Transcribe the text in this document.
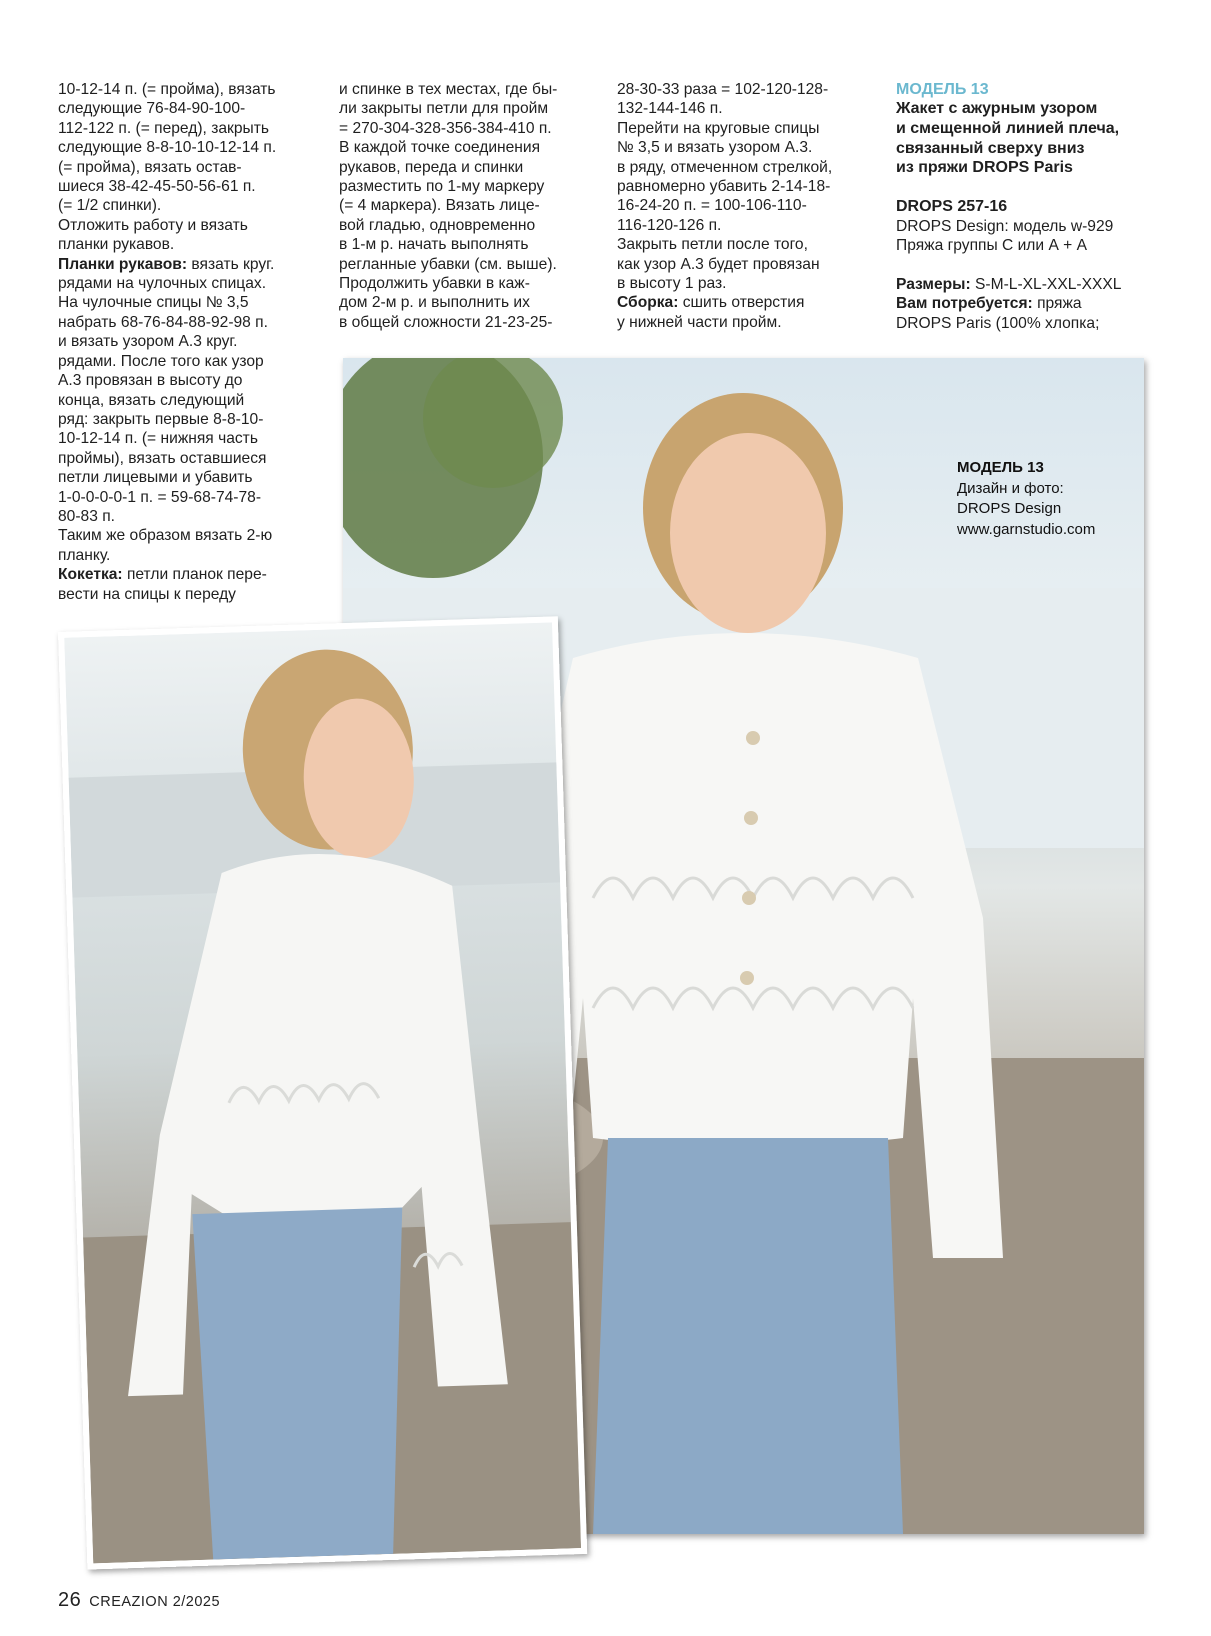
10-12-14 п. (= пройма), вязать

следующие 76-84-90-100-

112-122 п. (= перед), закрыть

следующие 8-8-10-10-12-14 п.

(= пройма), вязать остав-

шиеся 38-42-45-50-56-61 п.

(= 1/2 спинки).

Отложить работу и вязать

планки рукавов.

Планки рукавов: вязать круг.

рядами на чулочных спицах.

На чулочные спицы № 3,5

набрать 68-76-84-88-92-98 п.

и вязать узором А.3 круг.

рядами. После того как узор

А.3 провязан в высоту до

конца, вязать следующий

ряд: закрыть первые 8-8-10-

10-12-14 п. (= нижняя часть

проймы), вязать оставшиеся

петли лицевыми и убавить

1-0-0-0-0-1 п. = 59-68-74-78-

80-83 п.

Таким же образом вязать 2-ю

планку.

Кокетка: петли планок пере-

вести на спицы к переду

и спинке в тех местах, где бы-

ли закрыты петли для пройм

= 270-304-328-356-384-410 п.

В каждой точке соединения

рукавов, переда и спинки

разместить по 1-му маркеру

(= 4 маркера). Вязать лице-

вой гладью, одновременно

в 1-м р. начать выполнять

регланные убавки (см. выше).

Продолжить убавки в каж-

дом 2-м р. и выполнить их

в общей сложности 21-23-25-

28-30-33 раза = 102-120-128-

132-144-146 п.

Перейти на круговые спицы

№ 3,5 и вязать узором А.3.

в ряду, отмеченном стрелкой,

равномерно убавить 2-14-18-

16-24-20 п. = 100-106-110-

116-120-126 п.

Закрыть петли после того,

как узор А.3 будет провязан

в высоту 1 раз.

Сборка: сшить отверстия

у нижней части пройм.

МОДЕЛЬ 13

Жакет с ажурным узором

и смещенной линией плеча,

связанный сверху вниз

из пряжи DROPS Paris

DROPS 257-16

DROPS Design: модель w-929

Пряжа группы С или А + А

Размеры: S-M-L-XL-XXL-XXXL

Вам потребуется: пряжа

DROPS Paris (100% хлопка;

МОДЕЛЬ 13
Дизайн и фото:
DROPS Design
www.garnstudio.com
26 CREAZION 2/2025
